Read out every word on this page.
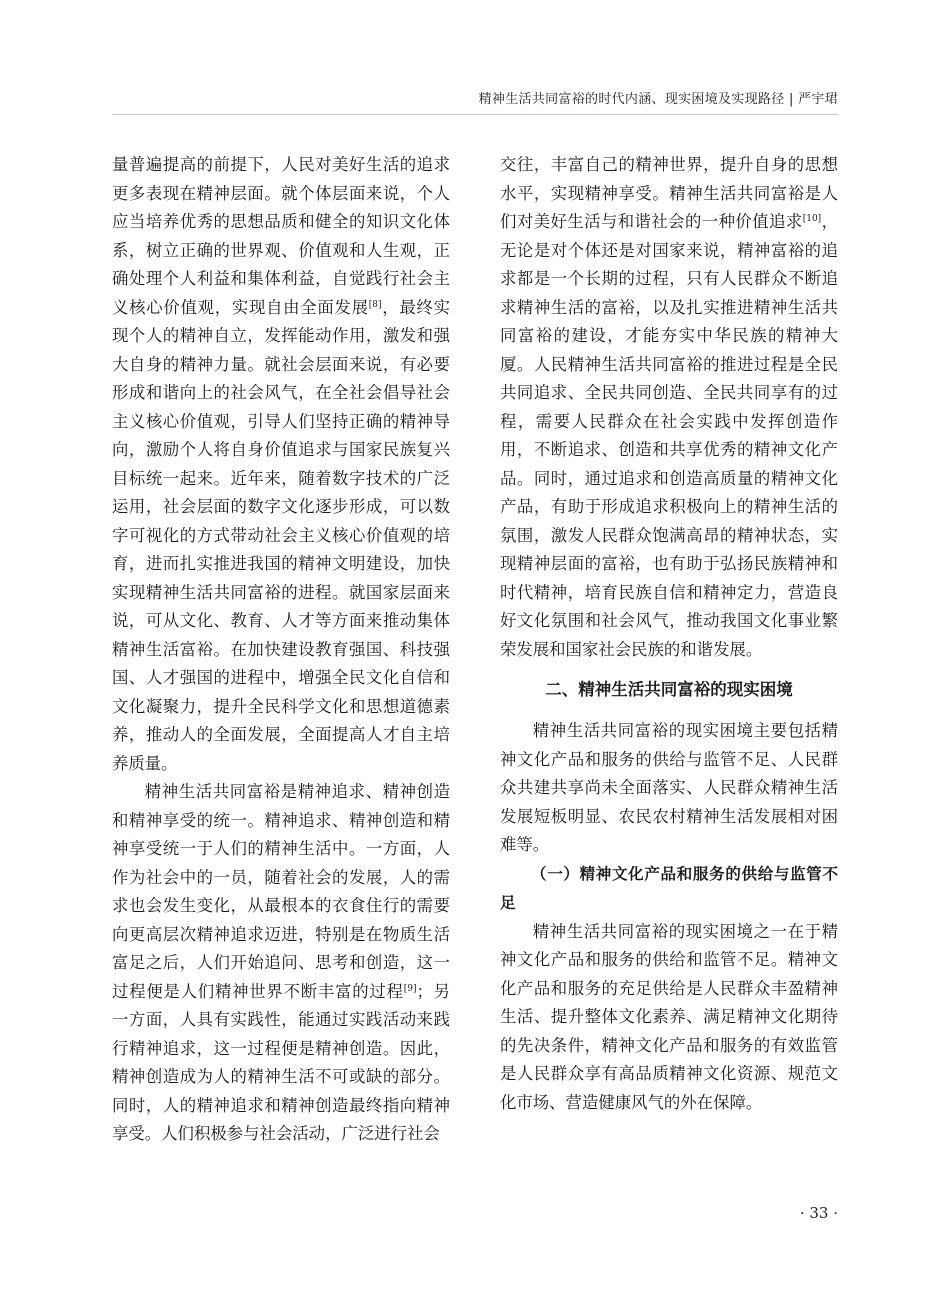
精神生活共同富裕的时代内涵、现实困境及实现路径 | 严宇珺

量普遍提高的前提下，人民对美好生活的追求更多表现在精神层面。就个体层面来说，个人应当培养优秀的思想品质和健全的知识文化体系，树立正确的世界观、价值观和人生观，正确处理个人利益和集体利益，自觉践行社会主义核心价值观，实现自由全面发展[8]，最终实现个人的精神自立，发挥能动作用，激发和强大自身的精神力量。就社会层面来说，有必要形成和谐向上的社会风气，在全社会倡导社会主义核心价值观，引导人们坚持正确的精神导向，激励个人将自身价值追求与国家民族复兴目标统一起来。近年来，随着数字技术的广泛运用，社会层面的数字文化逐步形成，可以数字可视化的方式带动社会主义核心价值观的培育，进而扎实推进我国的精神文明建设，加快实现精神生活共同富裕的进程。就国家层面来说，可从文化、教育、人才等方面来推动集体精神生活富裕。在加快建设教育强国、科技强国、人才强国的进程中，增强全民文化自信和文化凝聚力，提升全民科学文化和思想道德素养，推动人的全面发展，全面提高人才自主培养质量。

精神生活共同富裕是精神追求、精神创造和精神享受的统一。精神追求、精神创造和精神享受统一于人们的精神生活中。一方面，人作为社会中的一员，随着社会的发展，人的需求也会发生变化，从最根本的衣食住行的需要向更高层次精神追求迈进，特别是在物质生活富足之后，人们开始追问、思考和创造，这一过程便是人们精神世界不断丰富的过程[9]；另一方面，人具有实践性，能通过实践活动来践行精神追求，这一过程便是精神创造。因此，精神创造成为人的精神生活不可或缺的部分。同时，人的精神追求和精神创造最终指向精神享受。人们积极参与社会活动，广泛进行社会

交往，丰富自己的精神世界，提升自身的思想水平，实现精神享受。精神生活共同富裕是人们对美好生活与和谐社会的一种价值追求[10]，无论是对个体还是对国家来说，精神富裕的追求都是一个长期的过程，只有人民群众不断追求精神生活的富裕，以及扎实推进精神生活共同富裕的建设，才能夯实中华民族的精神大厦。人民精神生活共同富裕的推进过程是全民共同追求、全民共同创造、全民共同享有的过程，需要人民群众在社会实践中发挥创造作用，不断追求、创造和共享优秀的精神文化产品。同时，通过追求和创造高质量的精神文化产品，有助于形成追求积极向上的精神生活的氛围，激发人民群众饱满高昂的精神状态，实现精神层面的富裕，也有助于弘扬民族精神和时代精神，培育民族自信和精神定力，营造良好文化氛围和社会风气，推动我国文化事业繁荣发展和国家社会民族的和谐发展。

二、精神生活共同富裕的现实困境

精神生活共同富裕的现实困境主要包括精神文化产品和服务的供给与监管不足、人民群众共建共享尚未全面落实、人民群众精神生活发展短板明显、农民农村精神生活发展相对困难等。

（一）精神文化产品和服务的供给与监管不足

精神生活共同富裕的现实困境之一在于精神文化产品和服务的供给和监管不足。精神文化产品和服务的充足供给是人民群众丰盈精神生活、提升整体文化素养、满足精神文化期待的先决条件，精神文化产品和服务的有效监管是人民群众享有高品质精神文化资源、规范文化市场、营造健康风气的外在保障。

· 33 ·
